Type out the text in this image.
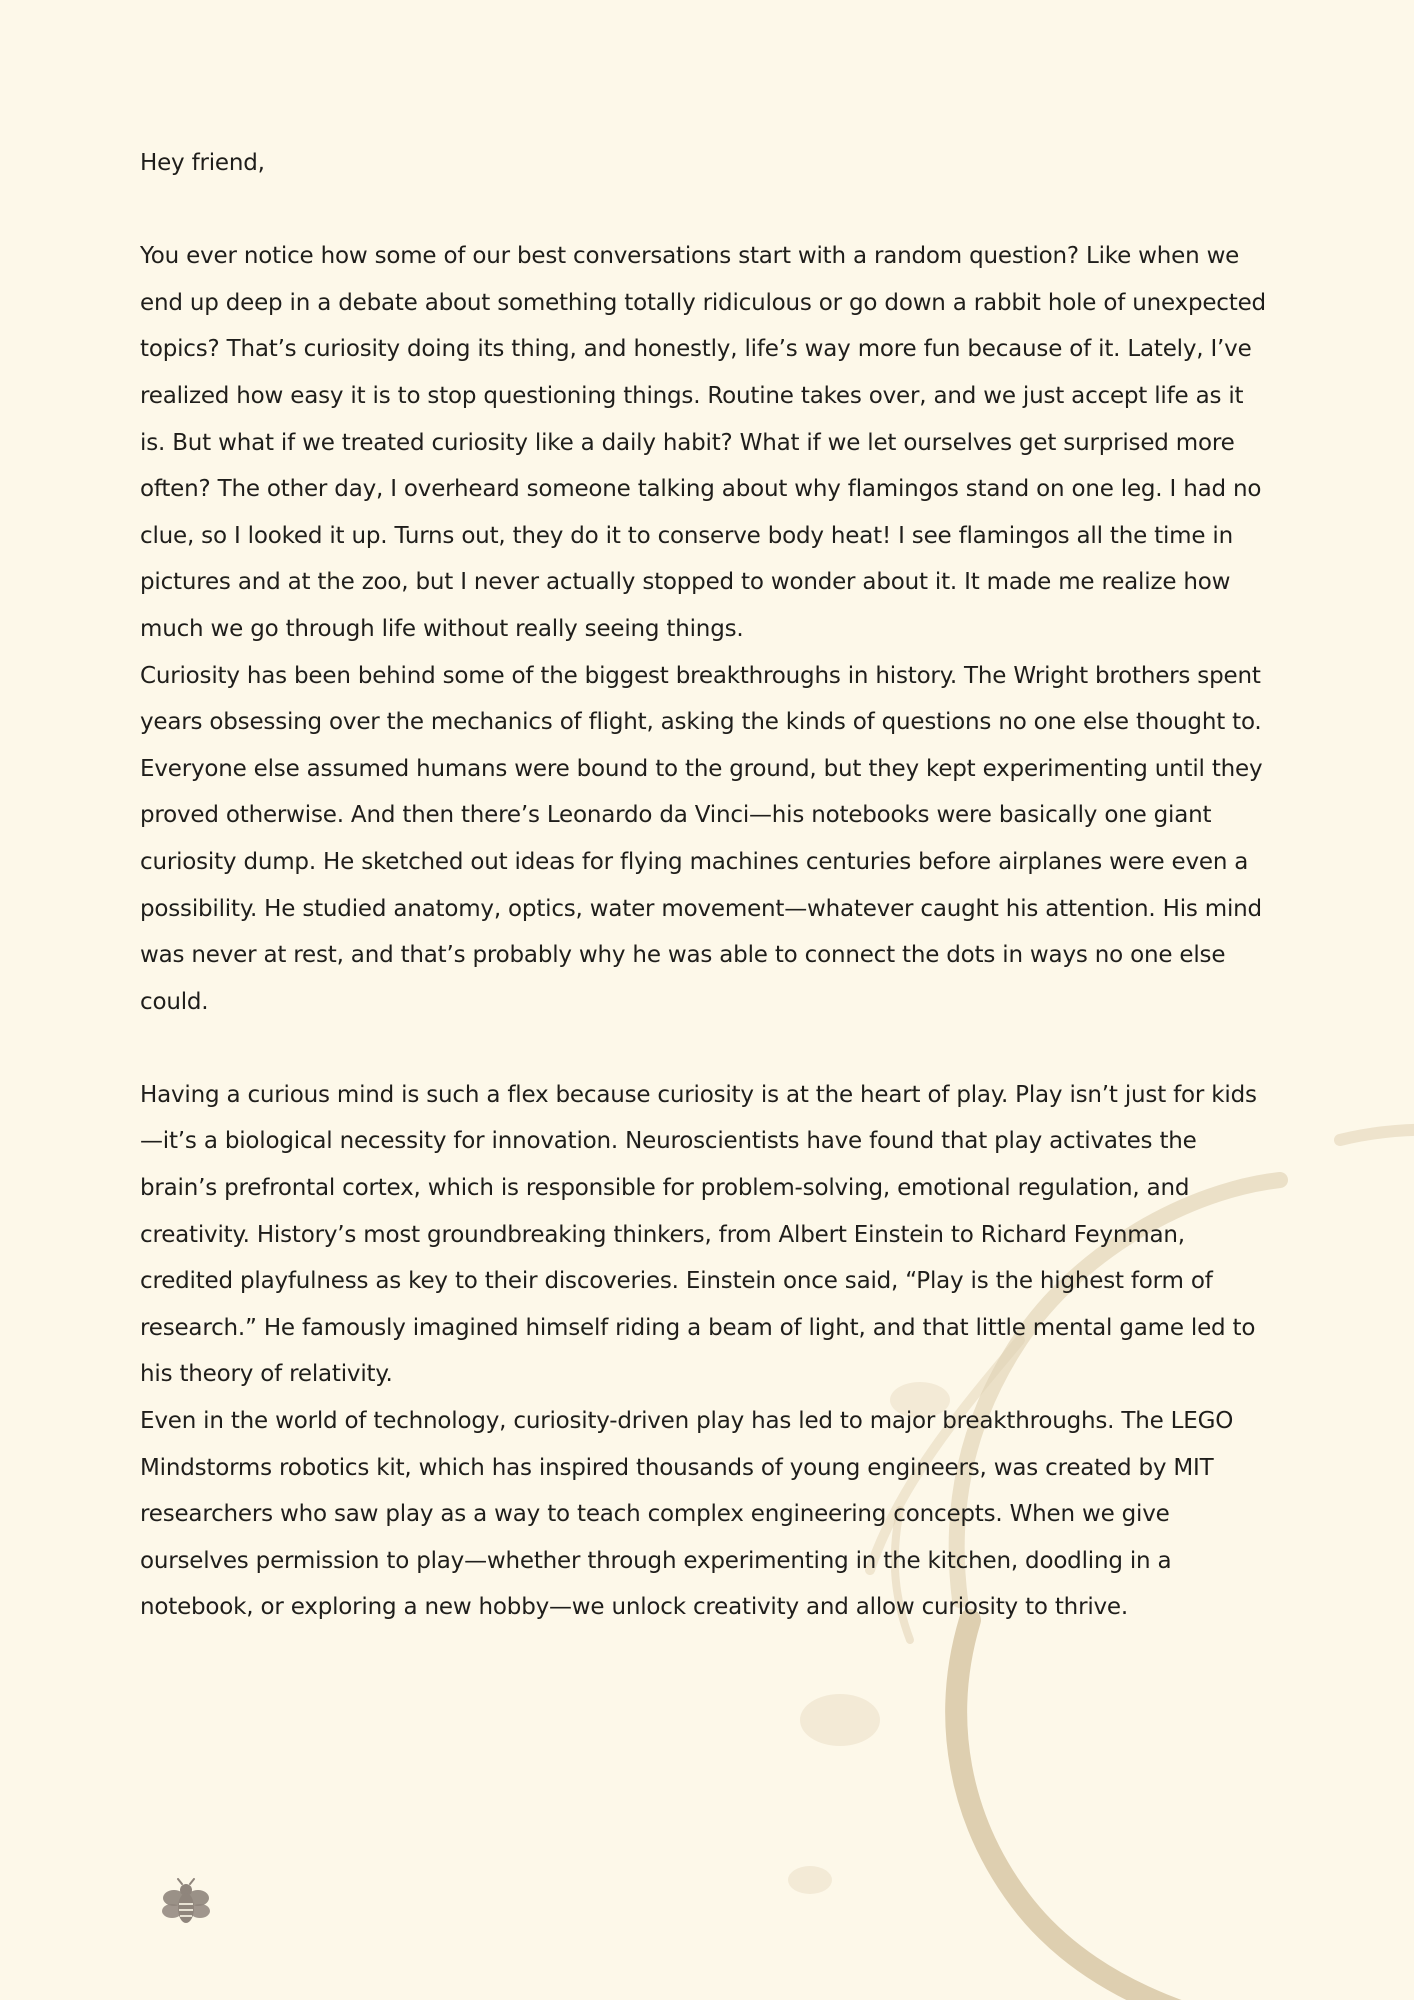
Hey friend,

You ever notice how some of our best conversations start with a random question? Like when we end up deep in a debate about something totally ridiculous or go down a rabbit hole of unexpected topics? That’s curiosity doing its thing, and honestly, life’s way more fun because of it. Lately, I’ve realized how easy it is to stop questioning things. Routine takes over, and we just accept life as it is. But what if we treated curiosity like a daily habit? What if we let ourselves get surprised more often? The other day, I overheard someone talking about why flamingos stand on one leg. I had no clue, so I looked it up. Turns out, they do it to conserve body heat! I see flamingos all the time in pictures and at the zoo, but I never actually stopped to wonder about it. It made me realize how much we go through life without really seeing things.

Curiosity has been behind some of the biggest breakthroughs in history. The Wright brothers spent years obsessing over the mechanics of flight, asking the kinds of questions no one else thought to. Everyone else assumed humans were bound to the ground, but they kept experimenting until they proved otherwise. And then there’s Leonardo da Vinci—his notebooks were basically one giant curiosity dump. He sketched out ideas for flying machines centuries before airplanes were even a possibility. He studied anatomy, optics, water movement—whatever caught his attention. His mind was never at rest, and that’s probably why he was able to connect the dots in ways no one else could.

Having a curious mind is such a flex because curiosity is at the heart of play. Play isn’t just for kids—it’s a biological necessity for innovation. Neuroscientists have found that play activates the brain’s prefrontal cortex, which is responsible for problem-solving, emotional regulation, and creativity. History’s most groundbreaking thinkers, from Albert Einstein to Richard Feynman, credited playfulness as key to their discoveries. Einstein once said, “Play is the highest form of research.” He famously imagined himself riding a beam of light, and that little mental game led to his theory of relativity.

Even in the world of technology, curiosity-driven play has led to major breakthroughs. The LEGO Mindstorms robotics kit, which has inspired thousands of young engineers, was created by MIT researchers who saw play as a way to teach complex engineering concepts. When we give ourselves permission to play—whether through experimenting in the kitchen, doodling in a notebook, or exploring a new hobby—we unlock creativity and allow curiosity to thrive.
